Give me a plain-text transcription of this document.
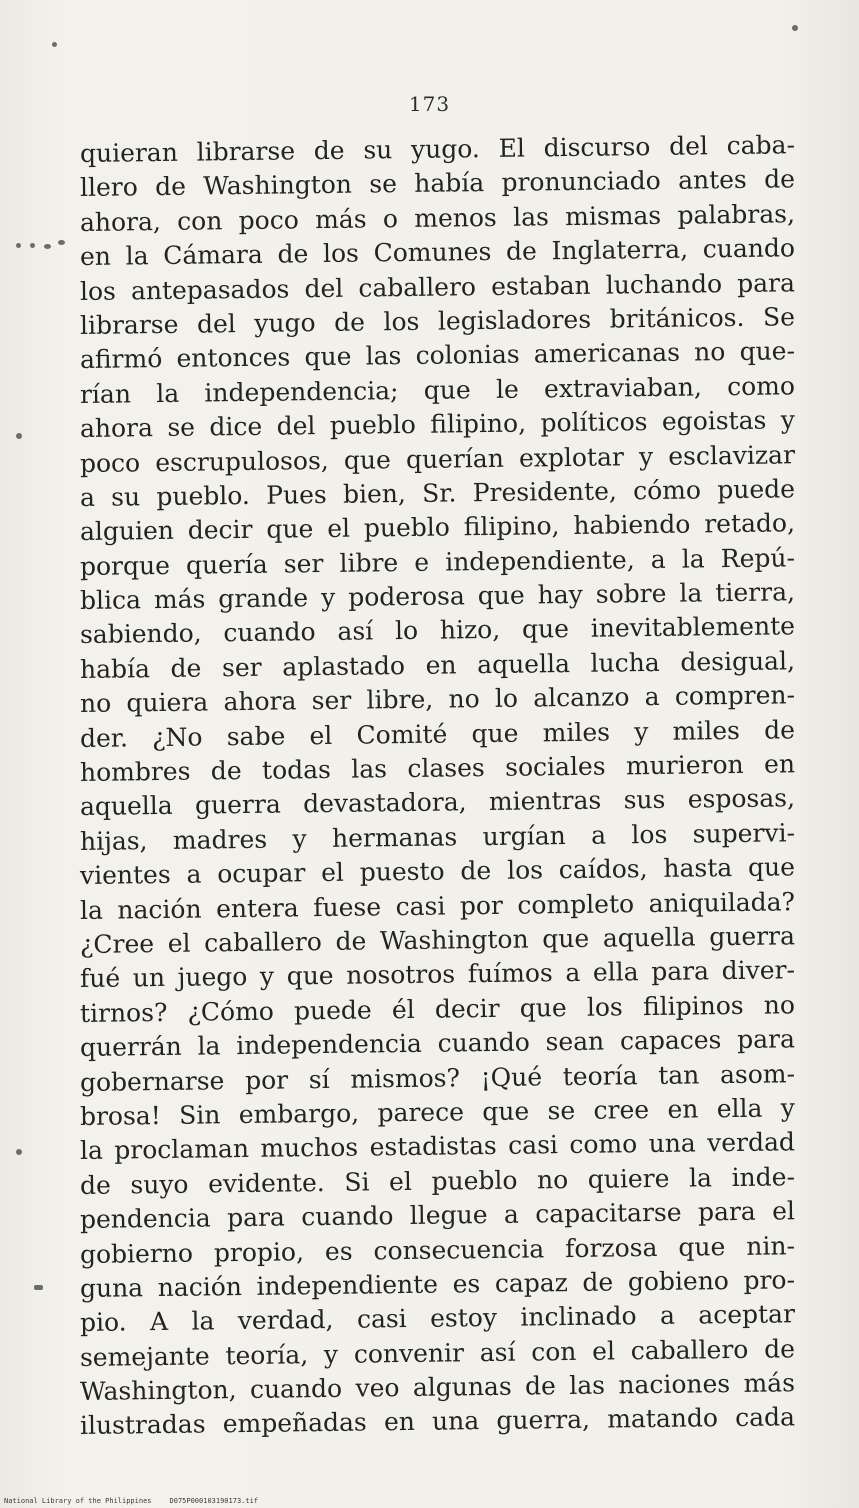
173
quieran librarse de su yugo. El discurso del caba-
llero de Washington se había pronunciado antes de
ahora, con poco más o menos las mismas palabras,
en la Cámara de los Comunes de Inglaterra, cuando
los antepasados del caballero estaban luchando para
librarse del yugo de los legisladores británicos. Se
afirmó entonces que las colonias americanas no que-
rían la independencia; que le extraviaban, como
ahora se dice del pueblo filipino, políticos egoistas y
poco escrupulosos, que querían explotar y esclavizar
a su pueblo. Pues bien, Sr. Presidente, cómo puede
alguien decir que el pueblo filipino, habiendo retado,
porque quería ser libre e independiente, a la Repú-
blica más grande y poderosa que hay sobre la tierra,
sabiendo, cuando así lo hizo, que inevitablemente
había de ser aplastado en aquella lucha desigual,
no quiera ahora ser libre, no lo alcanzo a compren-
der. ¿No sabe el Comité que miles y miles de
hombres de todas las clases sociales murieron en
aquella guerra devastadora, mientras sus esposas,
hijas, madres y hermanas urgían a los supervi-
vientes a ocupar el puesto de los caídos, hasta que
la nación entera fuese casi por completo aniquilada?
¿Cree el caballero de Washington que aquella guerra
fué un juego y que nosotros fuímos a ella para diver-
tirnos? ¿Cómo puede él decir que los filipinos no
querrán la independencia cuando sean capaces para
gobernarse por sí mismos? ¡Qué teoría tan asom-
brosa! Sin embargo, parece que se cree en ella y
la proclaman muchos estadistas casi como una verdad
de suyo evidente. Si el pueblo no quiere la inde-
pendencia para cuando llegue a capacitarse para el
gobierno propio, es consecuencia forzosa que nin-
guna nación independiente es capaz de gobieno pro-
pio. A la verdad, casi estoy inclinado a aceptar
semejante teoría, y convenir así con el caballero de
Washington, cuando veo algunas de las naciones más
ilustradas empeñadas en una guerra, matando cada
National Library of the Philippines	D075P000103190173.tif
